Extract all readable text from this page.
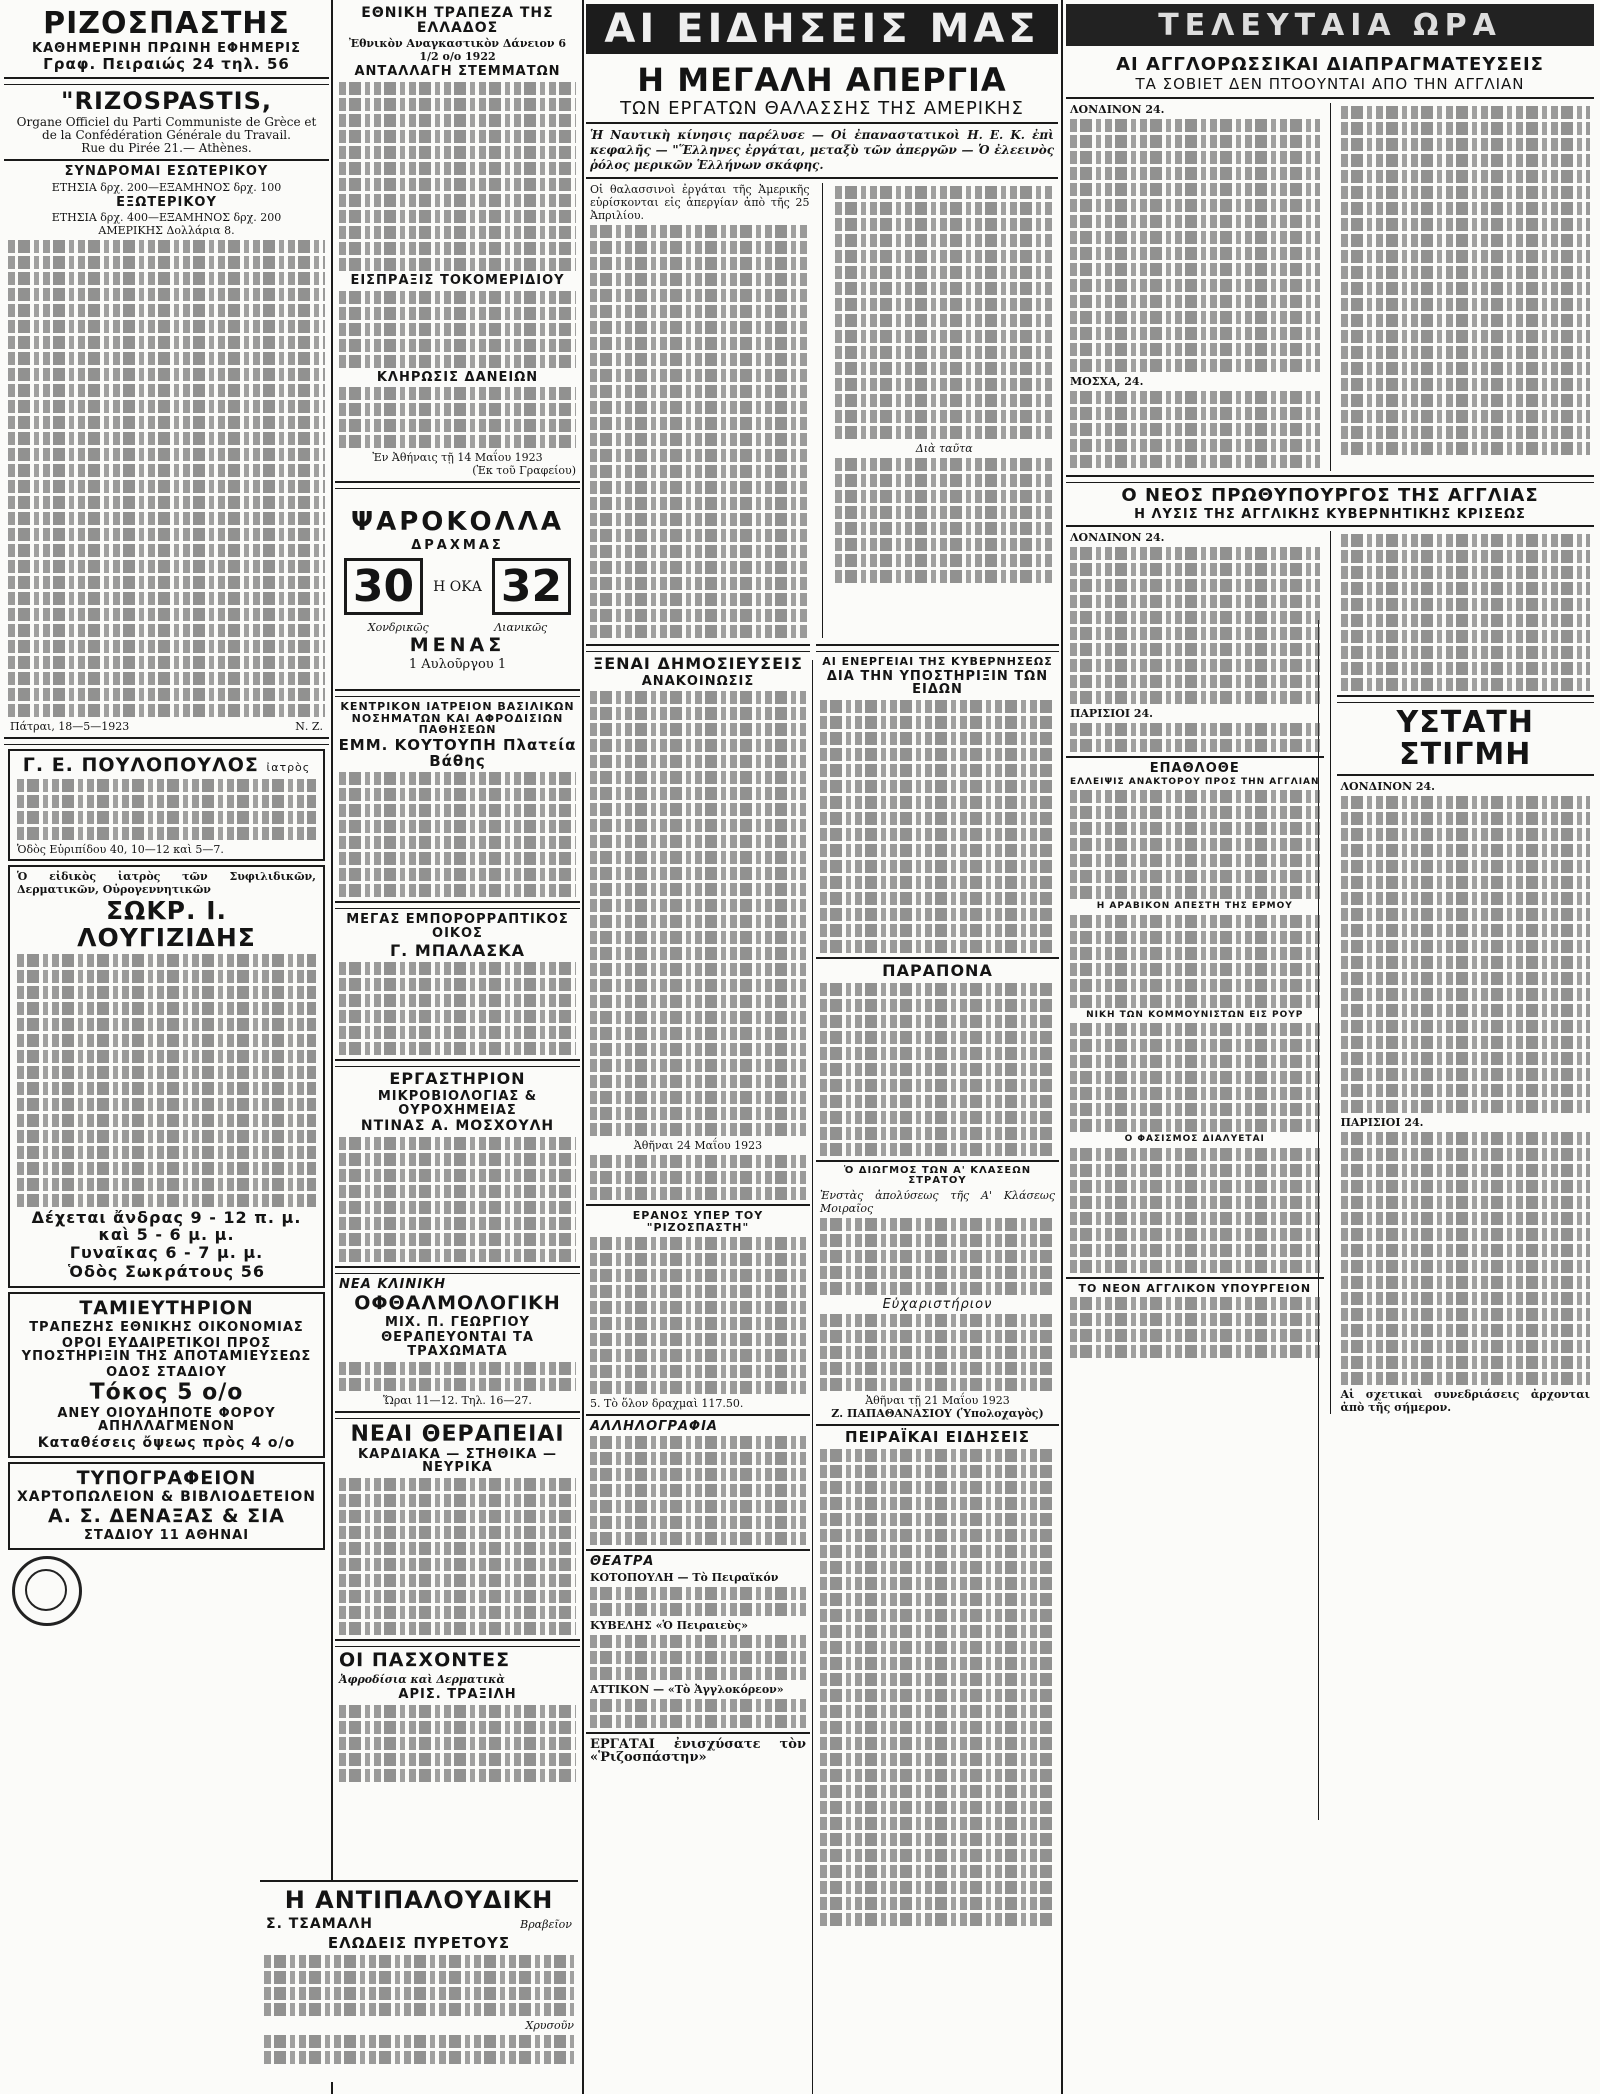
ΡΙΖΟΣΠΑΣΤΗΣ
ΚΑΘΗΜΕΡΙΝΗ ΠΡΩΙΝΗ ΕΦΗΜΕΡΙΣ
Γραφ. Πειραιώς 24 τηλ. 56
"RIZOSPASTIS,
Organe Officiel du Parti Communiste de Grèce et de la Confédération Générale du Travail.
Rue du Pirée 21.— Athènes.
ΣΥΝΔΡΟΜΑΙ ΕΣΩΤΕΡΙΚΟΥ
ΕΤΗΣΙΑ δρχ. 200—ΕΞΑΜΗΝΟΣ δρχ. 100
ΕΞΩΤΕΡΙΚΟΥ
ΕΤΗΣΙΑ δρχ. 400—ΕΞΑΜΗΝΟΣ δρχ. 200
ΑΜΕΡΙΚΗΣ Δολλάρια 8.
Πάτραι, 18—5—1923	Ν. Ζ.
Γ. Ε. ΠΟΥΛΟΠΟΥΛΟΣ ἰατρὸς
Ὁδὸς Εὐριπίδου 40, 10—12 καὶ 5—7.
Ὁ εἰδικὸς ἰατρὸς τῶν Συφιλιδικῶν, Δερματικῶν, Οὐρογεννητικῶν
ΣΩΚΡ. Ι. ΛΟΥΓΙΖΙΔΗΣ
Δέχεται ἄνδρας 9 - 12 π. μ. καὶ 5 - 6 μ. μ.
Γυναῖκας 6 - 7 μ. μ.
Ὁδὸς Σωκράτους 56
ΤΑΜΙΕΥΤΗΡΙΟΝ
ΤΡΑΠΕΖΗΣ ΕΘΝΙΚΗΣ ΟΙΚΟΝΟΜΙΑΣ
ΟΡΟΙ ΕΥΔΑΙΡΕΤΙΚΟΙ ΠΡΟΣ ΥΠΟΣΤΗΡΙΞΙΝ ΤΗΣ ΑΠΟΤΑΜΙΕΥΣΕΩΣ
ΟΔΟΣ ΣΤΑΔΙΟΥ
Τόκος 5 ο/ο
ΑΝΕΥ ΟΙΟΥΔΗΠΟΤΕ ΦΟΡΟΥ ΑΠΗΛΛΑΓΜΕΝΟΝ
Καταθέσεις ὄψεως πρὸς 4 ο/ο
ΤΥΠΟΓΡΑΦΕΙΟΝ
ΧΑΡΤΟΠΩΛΕΙΟΝ & ΒΙΒΛΙΟΔΕΤΕΙΟΝ
Α. Σ. ΔΕΝΑΞΑΣ & ΣΙΑ
ΣΤΑΔΙΟΥ 11 ΑΘΗΝΑΙ
ΕΘΝΙΚΗ ΤΡΑΠΕΖΑ ΤΗΣ ΕΛΛΑΔΟΣ
Ἐθνικὸν Αναγκαστικὸν Δάνειον 6 1/2 ο/ο 1922
ΑΝΤΑΛΛΑΓΗ ΣΤΕΜΜΑΤΩΝ
ΕΙΣΠΡΑΞΙΣ ΤΟΚΟΜΕΡΙΔΙΟΥ
ΚΛΗΡΩΣΙΣ ΔΑΝΕΙΩΝ
Ἐν Ἀθήναις τῇ 14 Μαΐου 1923
(Ἐκ τοῦ Γραφείου)
ΨΑΡΟΚΟΛΛΑ
ΔΡΑΧΜΑΣ
30	Η ΟΚΑ 32
Χονδρικῶς	Λιανικῶς
ΜΕΝΑΣ
1 Αυλοῦργου 1
ΚΕΝΤΡΙΚΟΝ ΙΑΤΡΕΙΟΝ ΒΑΣΙΛΙΚΩΝ ΝΟΣΗΜΑΤΩΝ ΚΑΙ ΑΦΡΟΔΙΣΙΩΝ ΠΑΘΗΣΕΩΝ
ΕΜΜ. ΚΟΥΤΟΥΠΗ Πλατεία Βάθης
ΜΕΓΑΣ ΕΜΠΟΡΟΡΡΑΠΤΙΚΟΣ ΟΙΚΟΣ
Γ. ΜΠΑΛΑΣΚΑ
ΕΡΓΑΣΤΗΡΙΟΝ
ΜΙΚΡΟΒΙΟΛΟΓΙΑΣ & ΟΥΡΟΧΗΜΕΙΑΣ
ΝΤΙΝΑΣ Α. ΜΟΣΧΟΥΛΗ
ΝΕΑ ΚΛΙΝΙΚΗ
ΟΦΘΑΛΜΟΛΟΓΙΚΗ
ΜΙΧ. Π. ΓΕΩΡΓΙΟΥ
ΘΕΡΑΠΕΥΟΝΤΑΙ ΤΑ ΤΡΑΧΩΜΑΤΑ
Ὥραι 11—12. Τηλ. 16—27.
ΝΕΑΙ ΘΕΡΑΠΕΙΑΙ
ΚΑΡΔΙΑΚΑ — ΣΤΗΘΙΚΑ — ΝΕΥΡΙΚΑ
ΟΙ ΠΑΣΧΟΝΤΕΣ
Ἀφροδίσια καὶ Δερματικὰ
ΑΡΙΣ. ΤΡΑΞΙΛΗ
Η ΑΝΤΙΠΑΛΟΥΔΙΚΗ
Σ. ΤΣΑΜΑΛΗ	Βραβεῖον
ΕΛΩΔΕΙΣ ΠΥΡΕΤΟΥΣ
Χρυσοῦν
ΑΙ ΕΙΔΗΣΕΙΣ ΜΑΣ
Η ΜΕΓΑΛΗ ΑΠΕΡΓΙΑ
ΤΩΝ ΕΡΓΑΤΩΝ ΘΑΛΑΣΣΗΣ ΤΗΣ ΑΜΕΡΙΚΗΣ
Ἡ Ναυτικὴ κίνησις παρέλυσε — Οἱ ἐπαναστατικοὶ Η. Ε. Κ. ἐπὶ κεφαλῆς — "Ἕλληνες ἐργάται, μεταξὺ τῶν ἀπεργῶν — Ὁ ἐλεεινὸς ῥόλος μερικῶν Ἑλλήνων σκάφης.
Οἱ θαλασσινοὶ ἐργάται τῆς Ἀμερικῆς εὑρίσκονται εἰς ἀπεργίαν ἀπὸ τῆς 25 Ἀπριλίου.
Διὰ ταῦτα
ΞΕΝΑΙ ΔΗΜΟΣΙΕΥΣΕΙΣ
ΑΝΑΚΟΙΝΩΣΙΣ
Ἀθῆναι 24 Μαΐου 1923
ΕΡΑΝΟΣ ΥΠΕΡ ΤΟΥ "ΡΙΖΟΣΠΑΣΤΗ"
5. Τὸ ὅλον δραχμαὶ 117.50.
ΑΛΛΗΛΟΓΡΑΦΙΑ
ΘΕΑΤΡΑ
ΚΟΤΟΠΟΥΛΗ — Τὸ Πειραϊκόν
ΚΥΒΕΛΗΣ «Ὁ Πειραιεὺς»
ΑΤΤΙΚΟΝ — «Τὸ Ἀγγλοκόρεον»
ΕΡΓΑΤΑΙ ἐνισχύσατε τὸν «Ῥιζοσπάστην»
ΑΙ ΕΝΕΡΓΕΙΑΙ ΤΗΣ ΚΥΒΕΡΝΗΣΕΩΣ
ΔΙΑ ΤΗΝ ΥΠΟΣΤΗΡΙΞΙΝ ΤΩΝ ΕΙΔΩΝ
ΠΑΡΑΠΟΝΑ
Ὁ ΔΙΩΓΜΟΣ ΤΩΝ Α' ΚΛΑΣΕΩΝ ΣΤΡΑΤΟΥ
Ἐνστὰς ἀπολύσεως τῆς Α' Κλάσεως Μοιραῖος
Εὐχαριστήριον
Ἀθῆναι τῇ 21 Μαΐου 1923
Ζ. ΠΑΠΑΘΑΝΑΣΙΟΥ (Ὑπολοχαγὸς)
ΠΕΙΡΑΪΚΑΙ ΕΙΔΗΣΕΙΣ
ΤΕΛΕΥΤΑΙΑ ΩΡΑ
ΑΙ ΑΓΓΛΟΡΩΣΣΙΚΑΙ ΔΙΑΠΡΑΓΜΑΤΕΥΣΕΙΣ
ΤΑ ΣΟΒΙΕΤ ΔΕΝ ΠΤΟΟΥΝΤΑΙ ΑΠΟ ΤΗΝ ΑΓΓΛΙΑΝ
ΛΟΝΔΙΝΟΝ 24.
ΜΟΣΧΑ, 24.
Ο ΝΕΟΣ ΠΡΩΘΥΠΟΥΡΓΟΣ ΤΗΣ ΑΓΓΛΙΑΣ
Η ΛΥΣΙΣ ΤΗΣ ΑΓΓΛΙΚΗΣ ΚΥΒΕΡΝΗΤΙΚΗΣ ΚΡΙΣΕΩΣ
ΛΟΝΔΙΝΟΝ 24.
ΠΑΡΙΣΙΟΙ 24.
ΕΠΑΘΛΟΘΕ
ΕΛΛΕΙΨΙΣ ΑΝΑΚΤΟΡΟΥ ΠΡΟΣ ΤΗΝ ΑΓΓΛΙΑΝ
Η ΑΡΑΒΙΚΟΝ ΑΠΕΣΤΗ ΤΗΣ ΕΡΜΟΥ
ΝΙΚΗ ΤΩΝ ΚΟΜΜΟΥΝΙΣΤΩΝ ΕΙΣ ΡΟΥΡ
Ο ΦΑΣΙΣΜΟΣ ΔΙΑΛΥΕΤΑΙ
ΤΟ ΝΕΟΝ ΑΓΓΛΙΚΟΝ ΥΠΟΥΡΓΕΙΟΝ
ΥΣΤΑΤΗ ΣΤΙΓΜΗ
ΛΟΝΔΙΝΟΝ 24.
ΠΑΡΙΣΙΟΙ 24.
Αἱ σχετικαὶ συνεδριάσεις ἀρχονται ἀπὸ τῆς σήμερον.
